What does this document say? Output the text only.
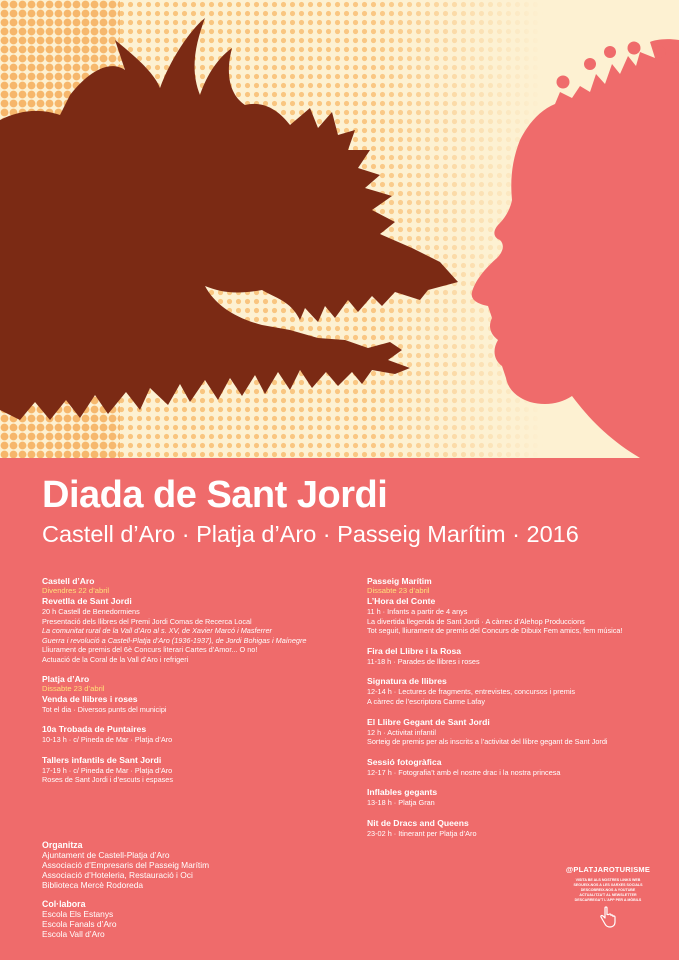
Diada de Sant Jordi
Castell d’Aro · Platja d’Aro · Passeig Marítim · 2016
Castell d’Aro
Divendres 22 d’abril
Revetlla de Sant Jordi
20 h Castell de Benedormiens
Presentació dels llibres del Premi Jordi Comas de Recerca Local
La comunitat rural de la Vall d’Aro al s. XV, de Xavier Marcó i Masferrer
Guerra i revolució a Castell-Platja d’Aro (1936-1937), de Jordi Bohigas i Maínegre
Lliurament de premis del 6è Concurs literari Cartes d’Amor... O no!
Actuació de la Coral de la Vall d’Aro i refrigeri
Platja d’Aro
Dissabte 23 d’abril
Venda de llibres i roses
Tot el dia · Diversos punts del municipi
10a Trobada de Puntaires
10-13 h · c/ Pineda de Mar · Platja d’Aro
Tallers infantils de Sant Jordi
17-19 h · c/ Pineda de Mar · Platja d’Aro
Roses de Sant Jordi i d’escuts i espases
Passeig Marítim
Dissabte 23 d’abril
L’Hora del Conte
11 h · Infants a partir de 4 anys
La divertida llegenda de Sant Jordi · A càrrec d’Alehop Produccions
Tot seguit, lliurament de premis del Concurs de Dibuix Fem amics, fem música!
Fira del Llibre i la Rosa
11-18 h · Parades de llibres i roses
Signatura de llibres
12-14 h · Lectures de fragments, entrevistes, concursos i premis
A càrrec de l’escriptora Carme Lafay
El Llibre Gegant de Sant Jordi
12 h · Activitat infantil
Sorteig de premis per als inscrits a l’activitat del llibre gegant de Sant Jordi
Sessió fotogràfica
12-17 h · Fotografia’t amb el nostre drac i la nostra princesa
Inflables gegants
13-18 h · Platja Gran
Nit de Dracs and Queens
23-02 h · Itinerant per Platja d’Aro
Organitza
Ajuntament de Castell-Platja d’Aro
Associació d’Empresaris del Passeig Marítim
Associació d’Hoteleria, Restauració i Oci
Biblioteca Mercè Rodoreda
Col·labora
Escola Els Estanys
Escola Fanals d’Aro
Escola Vall d’Aro
@PLATJAROTURISME
VISITA BE ALS NOSTRES LINKS WEB
SEGUEIX-NOS A LES XARXES SOCIALS
DESCOBREIX-NOS A YOUTUBE
ACTUALITZA'T AL NEWSLETTER
DESCARREGA'T L'APP PER A MÒBILS
